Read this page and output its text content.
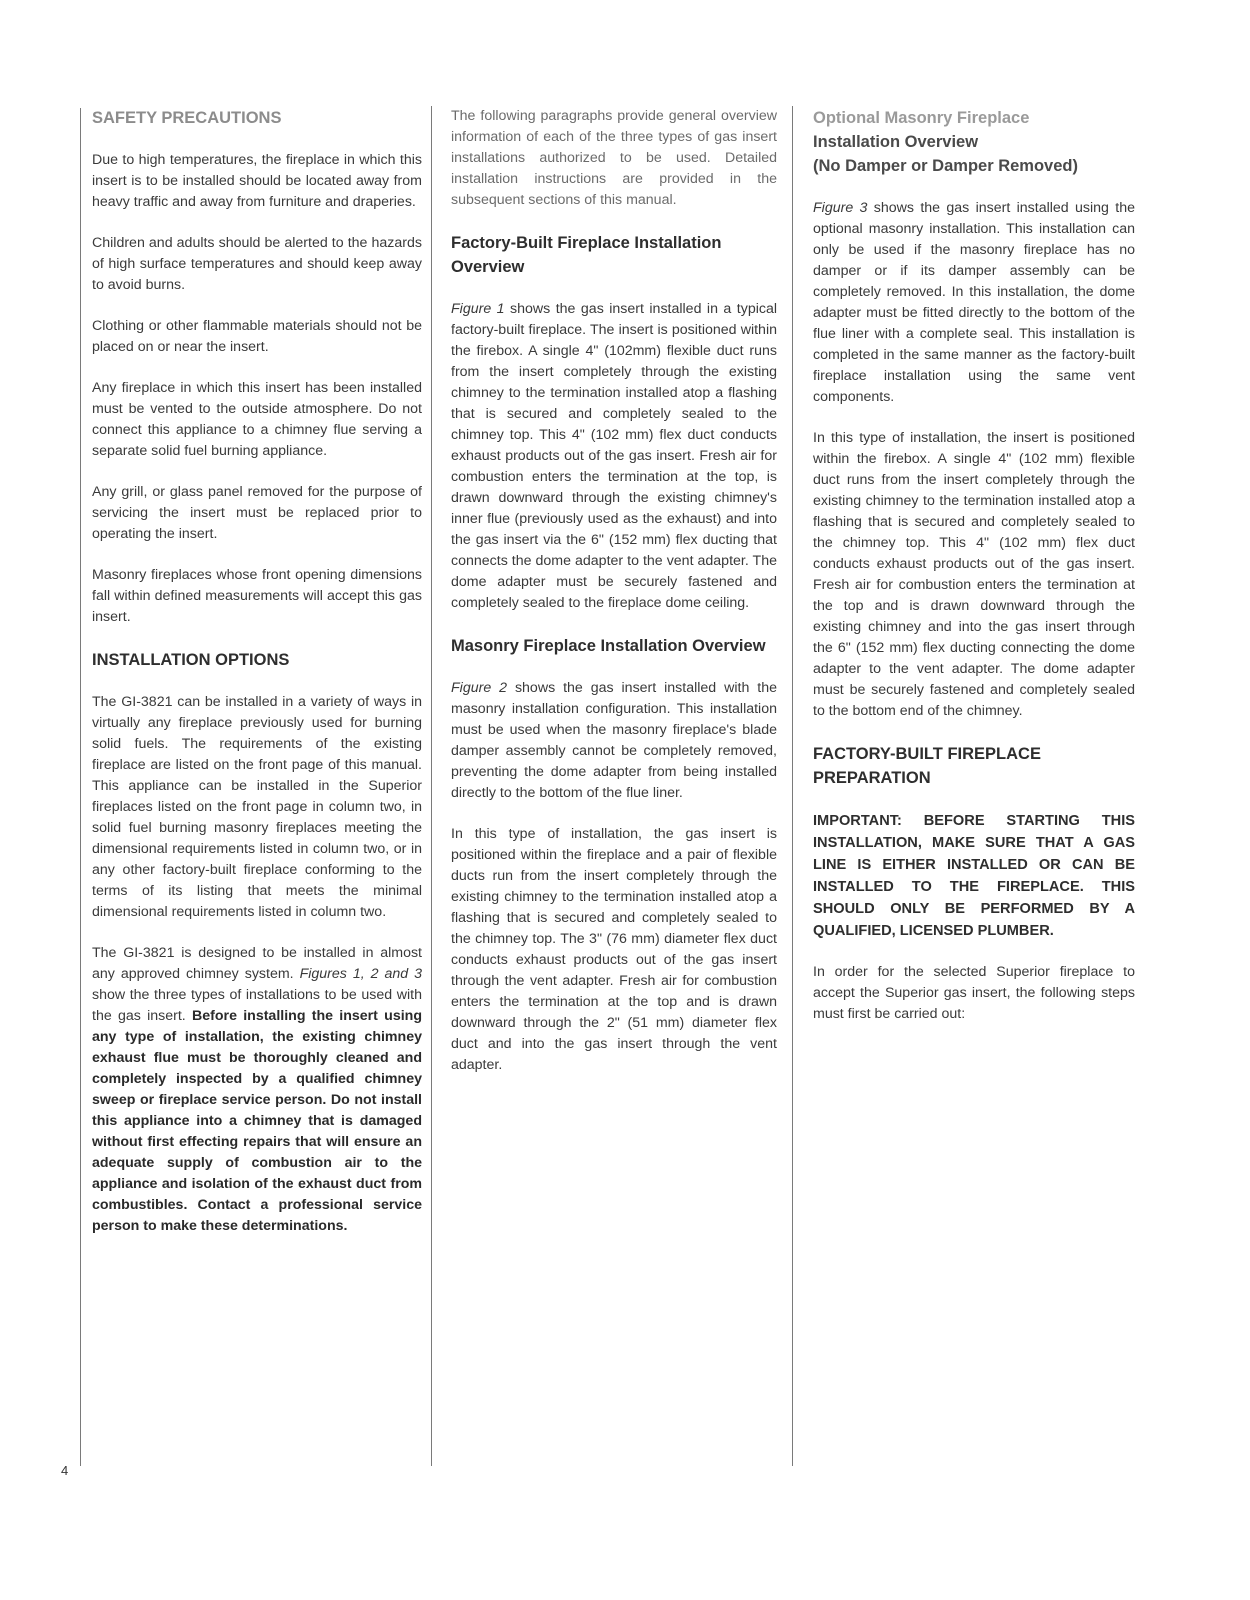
4
SAFETY PRECAUTIONS

Due to high temperatures, the fireplace in which this insert is to be installed should be located away from heavy traffic and away from furniture and draperies.

Children and adults should be alerted to the hazards of high surface temperatures and should keep away to avoid burns.

Clothing or other flammable materials should not be placed on or near the insert.

Any fireplace in which this insert has been installed must be vented to the outside atmosphere. Do not connect this appliance to a chimney flue serving a separate solid fuel burning appliance.

Any grill, or glass panel removed for the purpose of servicing the insert must be replaced prior to operating the insert.

Masonry fireplaces whose front opening dimensions fall within defined measurements will accept this gas insert.

INSTALLATION OPTIONS

The GI-3821 can be installed in a variety of ways in virtually any fireplace previously used for burning solid fuels. The requirements of the existing fireplace are listed on the front page of this manual. This appliance can be installed in the Superior fireplaces listed on the front page in column two, in solid fuel burning masonry fireplaces meeting the dimensional requirements listed in column two, or in any other factory-built fireplace conforming to the terms of its listing that meets the minimal dimensional requirements listed in column two.

The GI-3821 is designed to be installed in almost any approved chimney system. Figures 1, 2 and 3 show the three types of installations to be used with the gas insert. Before installing the insert using any type of installation, the existing chimney exhaust flue must be thoroughly cleaned and completely inspected by a qualified chimney sweep or fireplace service person. Do not install this appliance into a chimney that is damaged without first effecting repairs that will ensure an adequate supply of combustion air to the appliance and isolation of the exhaust duct from combustibles. Contact a professional service person to make these determinations.

The following paragraphs provide general overview information of each of the three types of gas insert installations authorized to be used. Detailed installation instructions are provided in the subsequent sections of this manual.

Factory-Built Fireplace Installation Overview

Figure 1 shows the gas insert installed in a typical factory-built fireplace. The insert is positioned within the firebox. A single 4" (102mm) flexible duct runs from the insert completely through the existing chimney to the termination installed atop a flashing that is secured and completely sealed to the chimney top. This 4" (102 mm) flex duct conducts exhaust products out of the gas insert. Fresh air for combustion enters the termination at the top, is drawn downward through the existing chimney's inner flue (previously used as the exhaust) and into the gas insert via the 6" (152 mm) flex ducting that connects the dome adapter to the vent adapter. The dome adapter must be securely fastened and completely sealed to the fireplace dome ceiling.

Masonry Fireplace Installation Overview

Figure 2 shows the gas insert installed with the masonry installation configuration. This installation must be used when the masonry fireplace's blade damper assembly cannot be completely removed, preventing the dome adapter from being installed directly to the bottom of the flue liner.

In this type of installation, the gas insert is positioned within the fireplace and a pair of flexible ducts run from the insert completely through the existing chimney to the termination installed atop a flashing that is secured and completely sealed to the chimney top. The 3" (76 mm) diameter flex duct conducts exhaust products out of the gas insert through the vent adapter. Fresh air for combustion enters the termination at the top and is drawn downward through the 2" (51 mm) diameter flex duct and into the gas insert through the vent adapter.

Optional Masonry Fireplace
Installation Overview
(No Damper or Damper Removed)

Figure 3 shows the gas insert installed using the optional masonry installation. This installation can only be used if the masonry fireplace has no damper or if its damper assembly can be completely removed. In this installation, the dome adapter must be fitted directly to the bottom of the flue liner with a complete seal. This installation is completed in the same manner as the factory-built fireplace installation using the same vent components.

In this type of installation, the insert is positioned within the firebox. A single 4" (102 mm) flexible duct runs from the insert completely through the existing chimney to the termination installed atop a flashing that is secured and completely sealed to the chimney top. This 4" (102 mm) flex duct conducts exhaust products out of the gas insert. Fresh air for combustion enters the termination at the top and is drawn downward through the existing chimney and into the gas insert through the 6" (152 mm) flex ducting connecting the dome adapter to the vent adapter. The dome adapter must be securely fastened and completely sealed to the bottom end of the chimney.

FACTORY-BUILT FIREPLACE PREPARATION

IMPORTANT: BEFORE STARTING THIS INSTALLATION, MAKE SURE THAT A GAS LINE IS EITHER INSTALLED OR CAN BE INSTALLED TO THE FIREPLACE. THIS SHOULD ONLY BE PERFORMED BY A QUALIFIED, LICENSED PLUMBER.

In order for the selected Superior fireplace to accept the Superior gas insert, the following steps must first be carried out:
